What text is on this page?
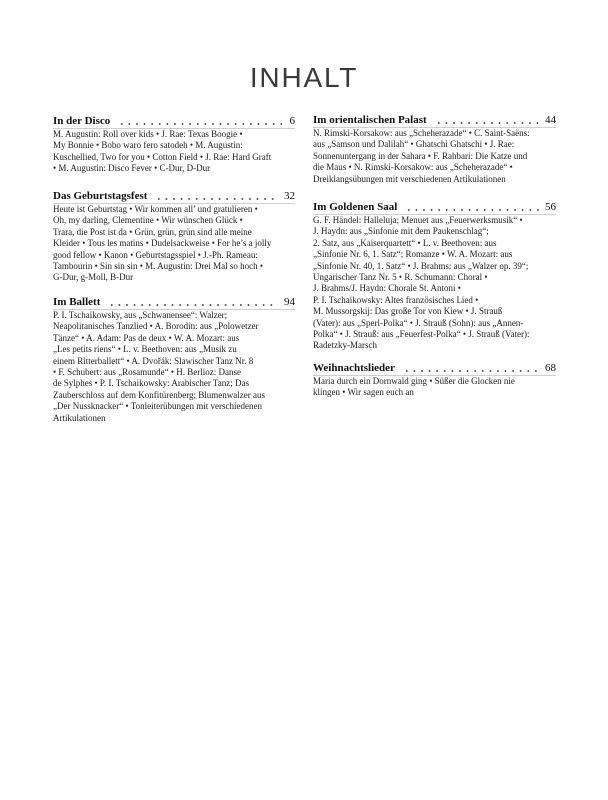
INHALT
In der Disco	6
M. Augustin: Roll over kids • J. Rae: Texas Boogie •
My Bonnie • Bobo waro fero satodeh • M. Augustin:
Kuschellied, Two for you • Cotton Field • J. Rae: Hard Graft
• M. Augustin: Disco Fever • C-Dur, D-Dur
Das Geburtstagsfest	32
Heute ist Geburtstag • Wir kommen all’ und gratulieren •
Oh, my darling, Clementine • Wir wünschen Glück •
Trara, die Post ist da • Grün, grün, grün sind alle meine
Kleider • Tous les matins • Dudelsackweise • For he’s a jolly
good fellow • Kanon • Geburtstagsspiel • J.-Ph. Rameau:
Tambourin • Sin sin sin • M. Augustin: Drei Mal so hoch •
G-Dur, g-Moll, B-Dur
Im Ballett	94
P. I. Tschaikowsky, aus „Schwanensee“: Walzer;
Neapolitanisches Tanzlied • A. Borodin: aus „Polowetzer
Tänze“ • A. Adam: Pas de deux • W. A. Mozart: aus
„Les petits riens“ • L. v. Beethoven: aus „Musik zu
einem Ritterballett“ • A. Dvořák: Slawischer Tanz Nr. 8
• F. Schubert: aus „Rosamunde“ • H. Berlioz: Danse
de Sylphes • P. I. Tschaikowsky: Arabischer Tanz; Das
Zauberschloss auf dem Konfitürenberg; Blumenwalzer aus
„Der Nussknacker“ • Tonleiterübungen mit verschiedenen
Artikulationen
Im orientalischen Palast	44
N. Rimski-Korsakow: aus „Scheherazade“ • C. Saint-Saëns:
aus „Samson und Dalilah“ • Ghatschi Ghatschi • J. Rae:
Sonnenuntergang in der Sahara • F. Rahbari: Die Katze und
die Maus • N. Rimski-Korsakow: aus „Scheherazade“ •
Dreiklangsübungen mit verschiedenen Artikulationen
Im Goldenen Saal	56
G. F. Händel: Halleluja; Menuet aus „Feuerwerksmusik“ •
J. Haydn: aus „Sinfonie mit dem Paukenschlag“;
2. Satz, aus „Kaiserquartett“ • L. v. Beethoven: aus
„Sinfonie Nr. 6, 1. Satz“; Romanze • W. A. Mozart: aus
„Sinfonie Nr. 40, 1. Satz“ • J. Brahms: aus „Walzer op. 39“;
Ungarischer Tanz Nr. 5 • R. Schumann: Choral •
J. Brahms/J. Haydn: Chorale St. Antoni •
P. I. Tschaikowsky: Altes französisches Lied •
M. Mussorgskij: Das große Tor von Kiew • J. Strauß
(Vater): aus „Sperl-Polka“ • J. Strauß (Sohn): aus „Annen-
Polka“ • J. Strauß: aus „Feuerfest-Polka“ • J. Strauß (Vater):
Radetzky-Marsch
Weihnachtslieder	68
Maria durch ein Dornwald ging • Süßer die Glocken nie
klingen • Wir sagen euch an
